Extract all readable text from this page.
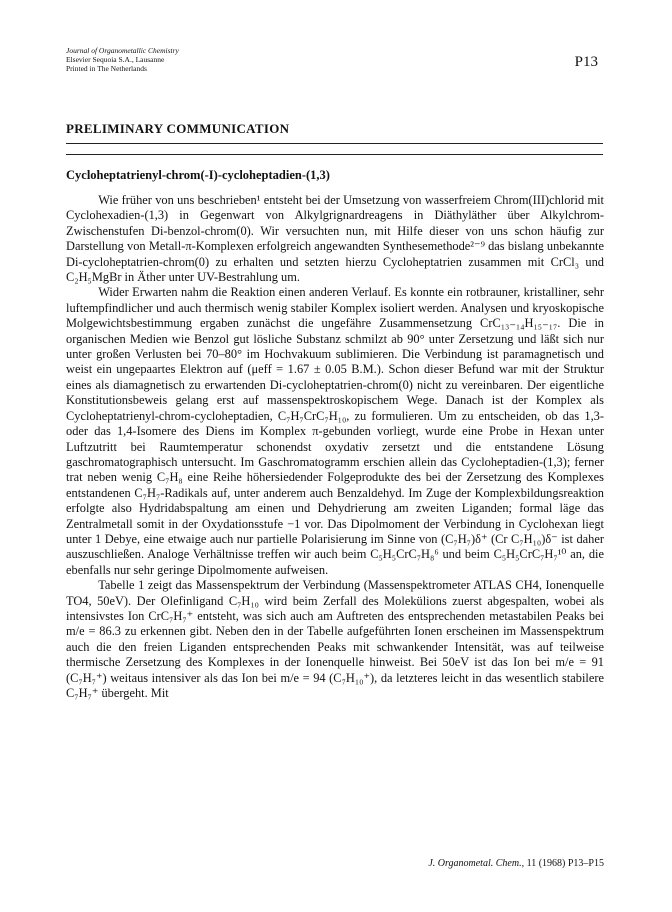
Journal of Organometallic Chemistry
Elsevier Sequoia S.A., Lausanne
Printed in The Netherlands	P13
PRELIMINARY COMMUNICATION
Cycloheptatrienyl-chrom(-I)-cycloheptadien-(1,3)

Wie früher von uns beschrieben¹ entsteht bei der Umsetzung von wasserfreiem Chrom(III)chlorid mit Cyclohexadien-(1,3) in Gegenwart von Alkylgrignardreagens in Diäthyläther über Alkylchrom-Zwischenstufen Di-benzol-chrom(0). Wir versuchten nun, mit Hilfe dieser von uns schon häufig zur Darstellung von Metall-π-Komplexen erfolgreich angewandten Synthesemethode²⁻⁹ das bislang unbekannte Di-cycloheptatrien-chrom(0) zu erhalten und setzten hierzu Cycloheptatrien zusammen mit CrCl₃ und C₂H₅MgBr in Äther unter UV-Bestrahlung um.

Wider Erwarten nahm die Reaktion einen anderen Verlauf. Es konnte ein rotbrauner, kristalliner, sehr luftempfindlicher und auch thermisch wenig stabiler Komplex isoliert werden. Analysen und kryoskopische Molgewichtsbestimmung ergaben zunächst die ungefähre Zusammensetzung CrC₁₃₋₁₄H₁₅₋₁₇. Die in organischen Medien wie Benzol gut lösliche Substanz schmilzt ab 90° unter Zersetzung und läßt sich nur unter großen Verlusten bei 70–80° im Hochvakuum sublimieren. Die Verbindung ist paramagnetisch und weist ein ungepaartes Elektron auf (μeff = 1.67 ± 0.05 B.M.). Schon dieser Befund war mit der Struktur eines als diamagnetisch zu erwartenden Di-cycloheptatrien-chrom(0) nicht zu vereinbaren. Der eigentliche Konstitutionsbeweis gelang erst auf massenspektroskopischem Wege. Danach ist der Komplex als Cycloheptatrienyl-chrom-cycloheptadien, C₇H₇CrC₇H₁₀, zu formulieren. Um zu entscheiden, ob das 1,3- oder das 1,4-Isomere des Diens im Komplex π-gebunden vorliegt, wurde eine Probe in Hexan unter Luftzutritt bei Raumtemperatur schonendst oxydativ zersetzt und die entstandene Lösung gaschromatographisch untersucht. Im Gaschromatogramm erschien allein das Cycloheptadien-(1,3); ferner trat neben wenig C₇H₈ eine Reihe höhersiedender Folgeprodukte des bei der Zersetzung des Komplexes entstandenen C₇H₇-Radikals auf, unter anderem auch Benzaldehyd. Im Zuge der Komplexbildungsreaktion erfolgte also Hydridabspaltung am einen und Dehydrierung am zweiten Liganden; formal läge das Zentralmetall somit in der Oxydationsstufe −1 vor. Das Dipolmoment der Verbindung in Cyclohexan liegt unter 1 Debye, eine etwaige auch nur partielle Polarisierung im Sinne von (C₇H₇)δ⁺ (Cr C₇H₁₀)δ⁻ ist daher auszuschließen. Analoge Verhältnisse treffen wir auch beim C₅H₅CrC₇H₈⁶ und beim C₅H₅CrC₇H₇¹⁰ an, die ebenfalls nur sehr geringe Dipolmomente aufweisen.

Tabelle 1 zeigt das Massenspektrum der Verbindung (Massenspektrometer ATLAS CH4, Ionenquelle TO4, 50eV). Der Olefinligand C₇H₁₀ wird beim Zerfall des Molekülions zuerst abgespalten, wobei als intensivstes Ion CrC₇H₇⁺ entsteht, was sich auch am Auftreten des entsprechenden metastabilen Peaks bei m/e = 86.3 zu erkennen gibt. Neben den in der Tabelle aufgeführten Ionen erscheinen im Massenspektrum auch die den freien Liganden entsprechenden Peaks mit schwankender Intensität, was auf teilweise thermische Zersetzung des Komplexes in der Ionenquelle hinweist. Bei 50eV ist das Ion bei m/e = 91 (C₇H₇⁺) weitaus intensiver als das Ion bei m/e = 94 (C₇H₁₀⁺), da letzteres leicht in das wesentlich stabilere C₇H₇⁺ übergeht. Mit

J. Organometal. Chem., 11 (1968) P13–P15
